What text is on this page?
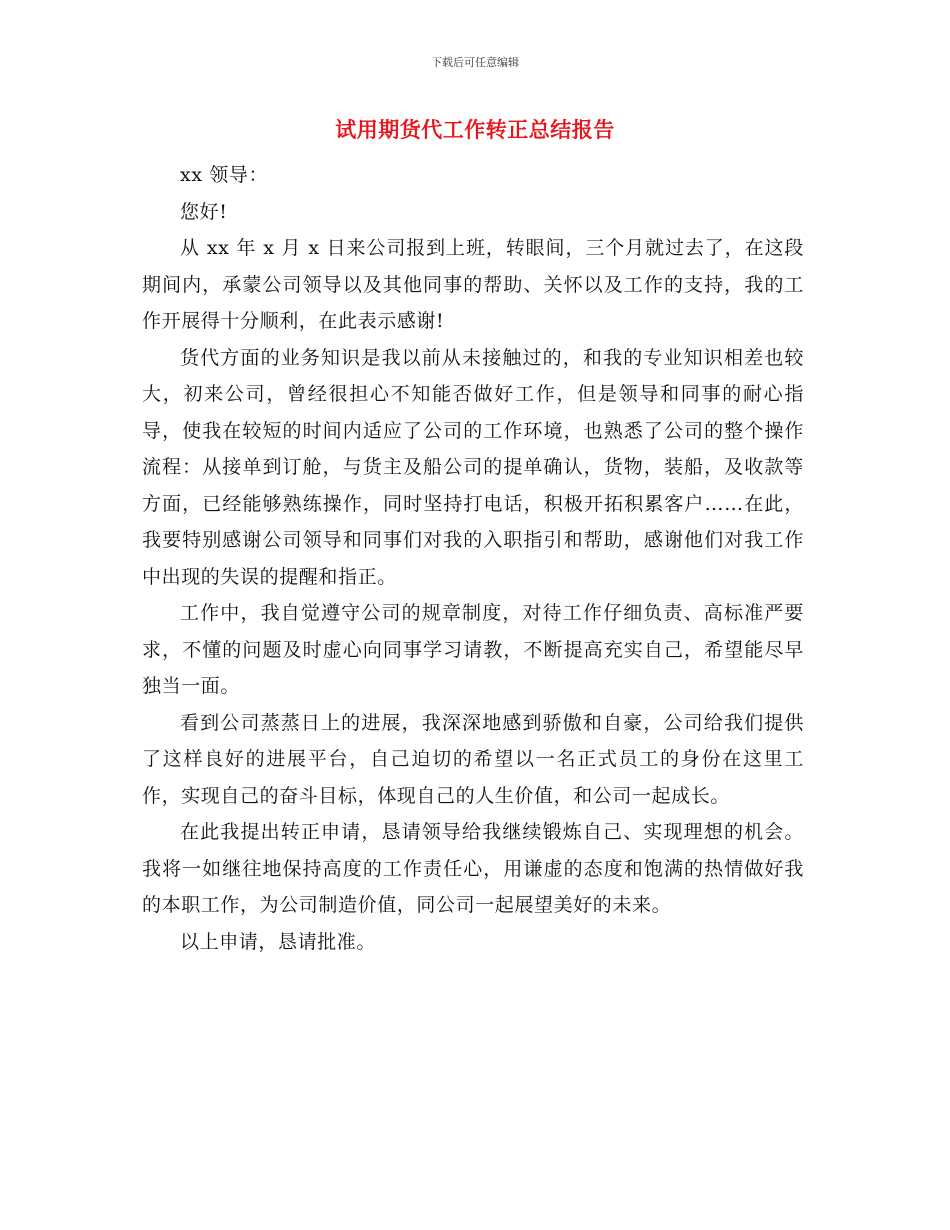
下载后可任意编辑
试用期货代工作转正总结报告

xx 领导：

您好!

从 xx 年 x 月 x 日来公司报到上班，转眼间，三个月就过去了，在这段期间内，承蒙公司领导以及其他同事的帮助、关怀以及工作的支持，我的工作开展得十分顺利，在此表示感谢!

货代方面的业务知识是我以前从未接触过的，和我的专业知识相差也较大，初来公司，曾经很担心不知能否做好工作，但是领导和同事的耐心指导，使我在较短的时间内适应了公司的工作环境，也熟悉了公司的整个操作流程：从接单到订舱，与货主及船公司的提单确认，货物，装船，及收款等方面，已经能够熟练操作，同时坚持打电话，积极开拓积累客户……在此，我要特别感谢公司领导和同事们对我的入职指引和帮助，感谢他们对我工作中出现的失误的提醒和指正。

工作中，我自觉遵守公司的规章制度，对待工作仔细负责、高标准严要求，不懂的问题及时虚心向同事学习请教，不断提高充实自己，希望能尽早独当一面。

看到公司蒸蒸日上的进展，我深深地感到骄傲和自豪，公司给我们提供了这样良好的进展平台，自己迫切的希望以一名正式员工的身份在这里工作，实现自己的奋斗目标，体现自己的人生价值，和公司一起成长。

在此我提出转正申请，恳请领导给我继续锻炼自己、实现理想的机会。我将一如继往地保持高度的工作责任心，用谦虚的态度和饱满的热情做好我的本职工作，为公司制造价值，同公司一起展望美好的未来。

以上申请，恳请批准。
